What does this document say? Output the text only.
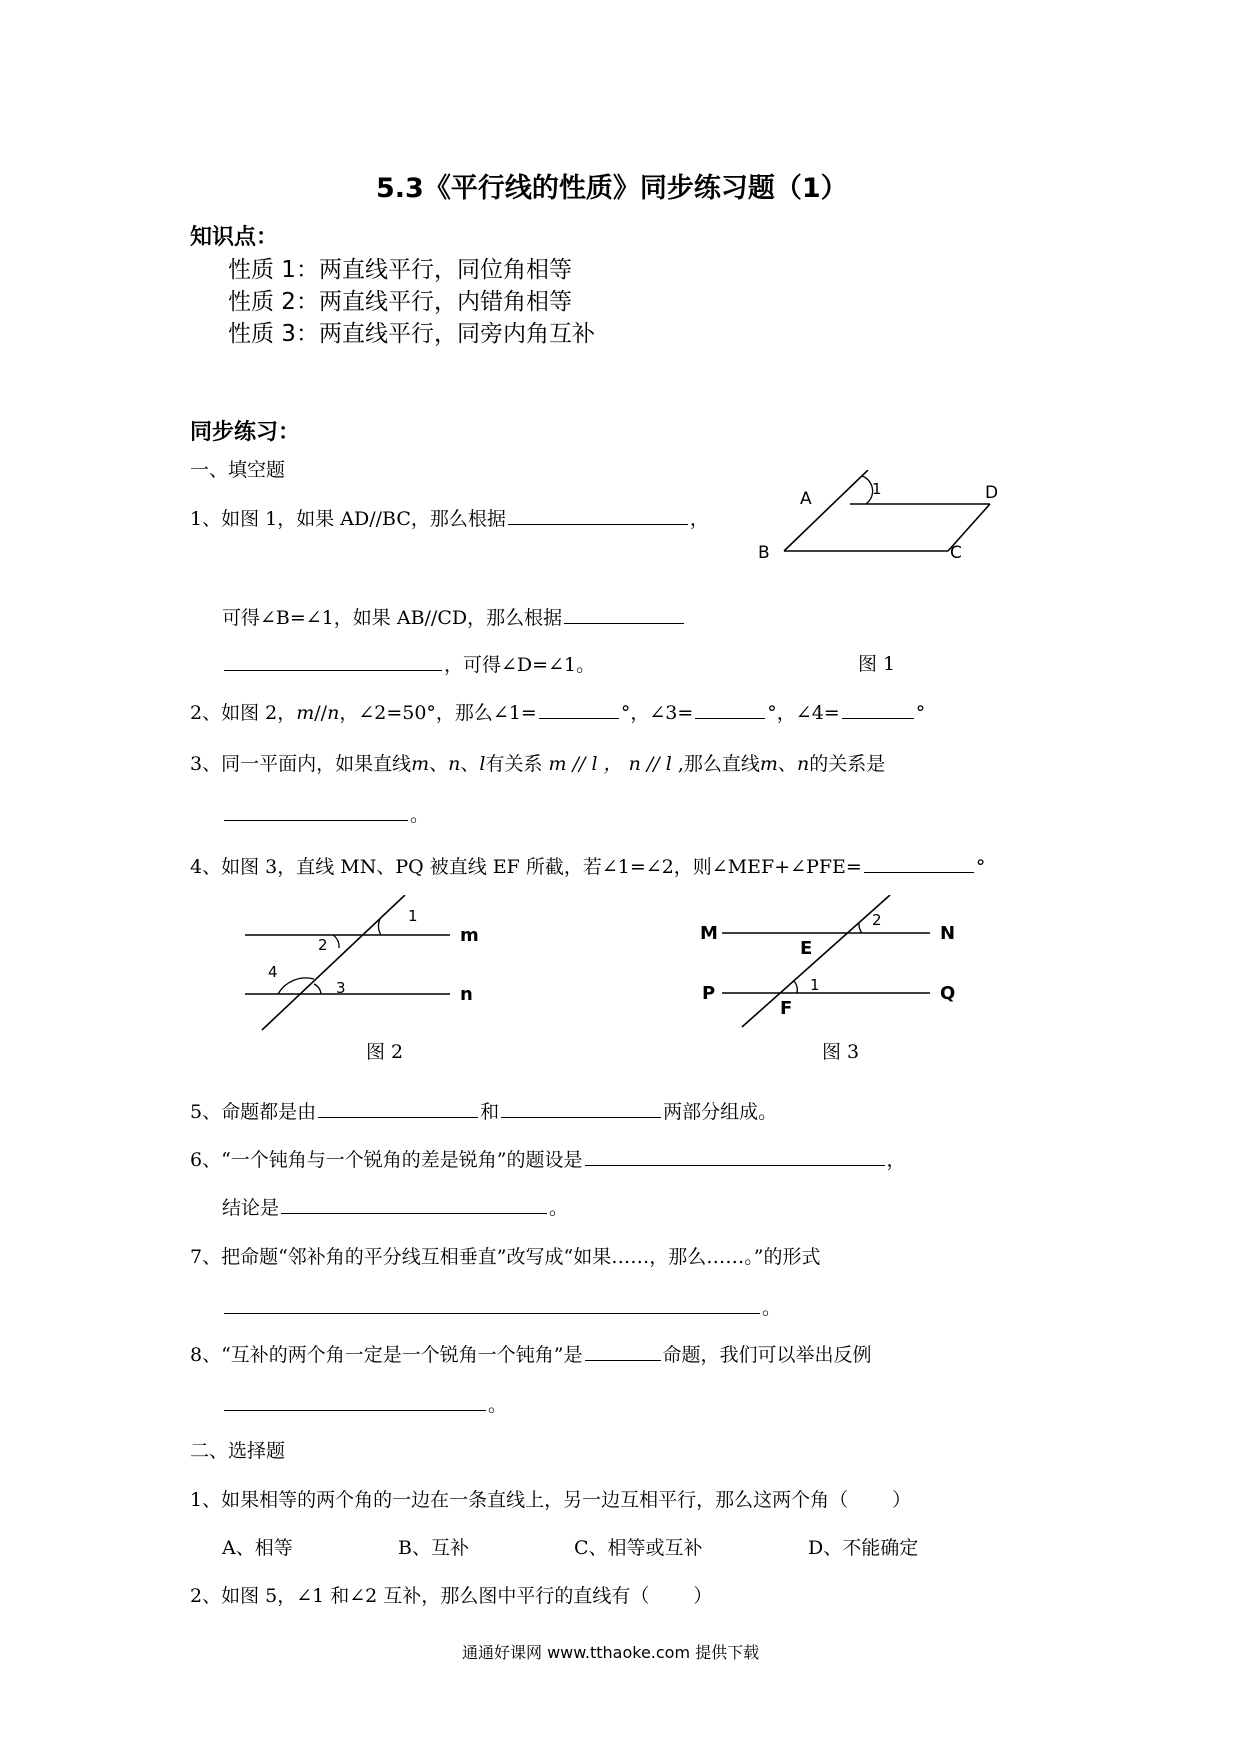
5.3《平行线的性质》同步练习题（1）
知识点：
性质 1：两直线平行，同位角相等
性质 2：两直线平行，内错角相等
性质 3：两直线平行，同旁内角互补
同步练习：
一、填空题
1、如图 1，如果 AD//BC，那么根据	，
可得∠B=∠1，如果 AB//CD，那么根据
，可得∠D=∠1。
1
A	D
B	C
图 1
2、如图 2，m//n，∠2=50°，那么∠1=	°，∠3=	°，∠4=	°
3、同一平面内，如果直线m、n、l有关系 m // l ， n // l ,那么直线m、n的关系是
。
4、如图 3，直线 MN、PQ 被直线 EF 所截，若∠1=∠2，则∠MEF+∠PFE=	°
1
2
3
4
m
n
图 2
2
1
M	N
P	Q
E
F
图 3
5、命题都是由	和	两部分组成。
6、“一个钝角与一个锐角的差是锐角”的题设是	，
结论是	。
7、把命题“邻补角的平分线互相垂直”改写成“如果……，那么……。”的形式
。
8、“互补的两个角一定是一个锐角一个钝角”是	命题，我们可以举出反例
。
二、选择题
1、如果相等的两个角的一边在一条直线上，另一边互相平行，那么这两个角（ ）
A、相等	B、互补	C、相等或互补	D、不能确定
2、如图 5，∠1 和∠2 互补，那么图中平行的直线有（ ）
通通好课网 www.tthaoke.com 提供下载
